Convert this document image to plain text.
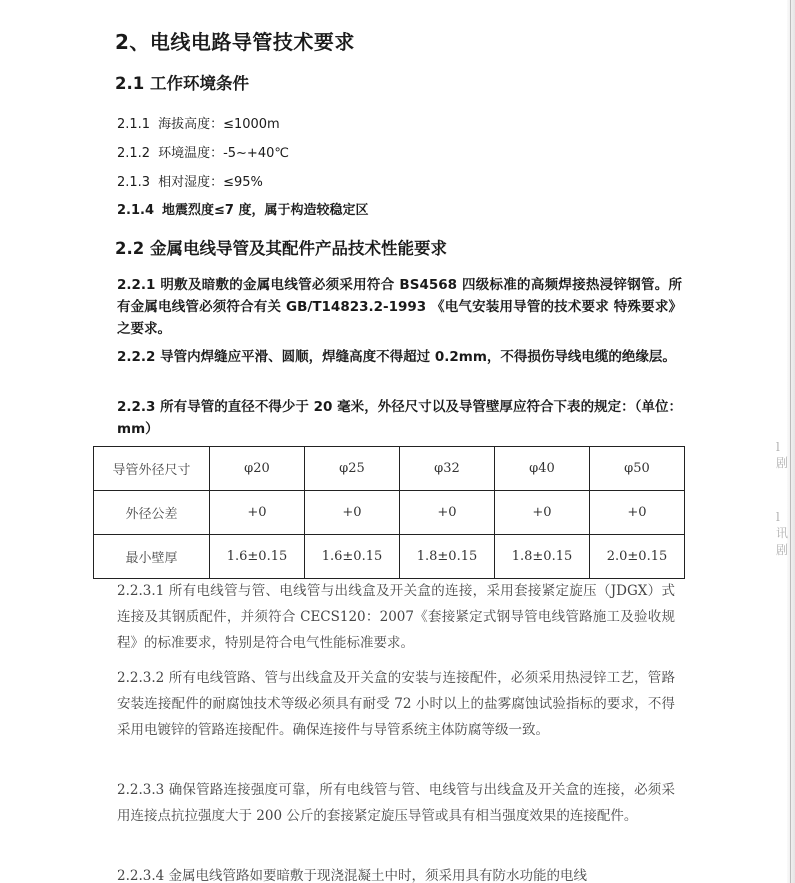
l 剧
l 讯 剧
2、电线电路导管技术要求
2.1 工作环境条件
2.1.1 海拔高度：≤1000m
2.1.2 环境温度：-5~+40℃
2.1.3 相对湿度：≤95%
2.1.4 地震烈度≤7 度，属于构造较稳定区
2.2 金属电线导管及其配件产品技术性能要求

2.2.1 明敷及暗敷的金属电线管必须采用符合 BS4568 四级标准的高频焊接热浸锌钢管。所有金属电线管必须符合有关 GB/T14823.2-1993 《电气安装用导管的技术要求 特殊要求》之要求。

2.2.2 导管内焊缝应平滑、圆顺，焊缝高度不得超过 0.2mm，不得损伤导线电缆的绝缘层。

2.2.3 所有导管的直径不得少于 20 毫米，外径尺寸以及导管壁厚应符合下表的规定：（单位：mm）

导管外径尺寸	φ20	φ25	φ32	φ40	φ50
外径公差	+0	+0	+0	+0	+0
最小壁厚	1.6±0.15	1.6±0.15	1.8±0.15	1.8±0.15	2.0±0.15

2.2.3.1 所有电线管与管、电线管与出线盒及开关盒的连接，采用套接紧定旋压（JDGX）式连接及其钢质配件，并须符合 CECS120：2007《套接紧定式钢导管电线管路施工及验收规程》的标准要求，特别是符合电气性能标准要求。

2.2.3.2 所有电线管路、管与出线盒及开关盒的安装与连接配件，必须采用热浸锌工艺，管路安装连接配件的耐腐蚀技术等级必须具有耐受 72 小时以上的盐雾腐蚀试验指标的要求，不得采用电镀锌的管路连接配件。确保连接件与导管系统主体防腐等级一致。

2.2.3.3 确保管路连接强度可靠，所有电线管与管、电线管与出线盒及开关盒的连接，必须采用连接点抗拉强度大于 200 公斤的套接紧定旋压导管或具有相当强度效果的连接配件。

2.2.3.4 金属电线管路如要暗敷于现浇混凝土中时，须采用具有防水功能的电线
